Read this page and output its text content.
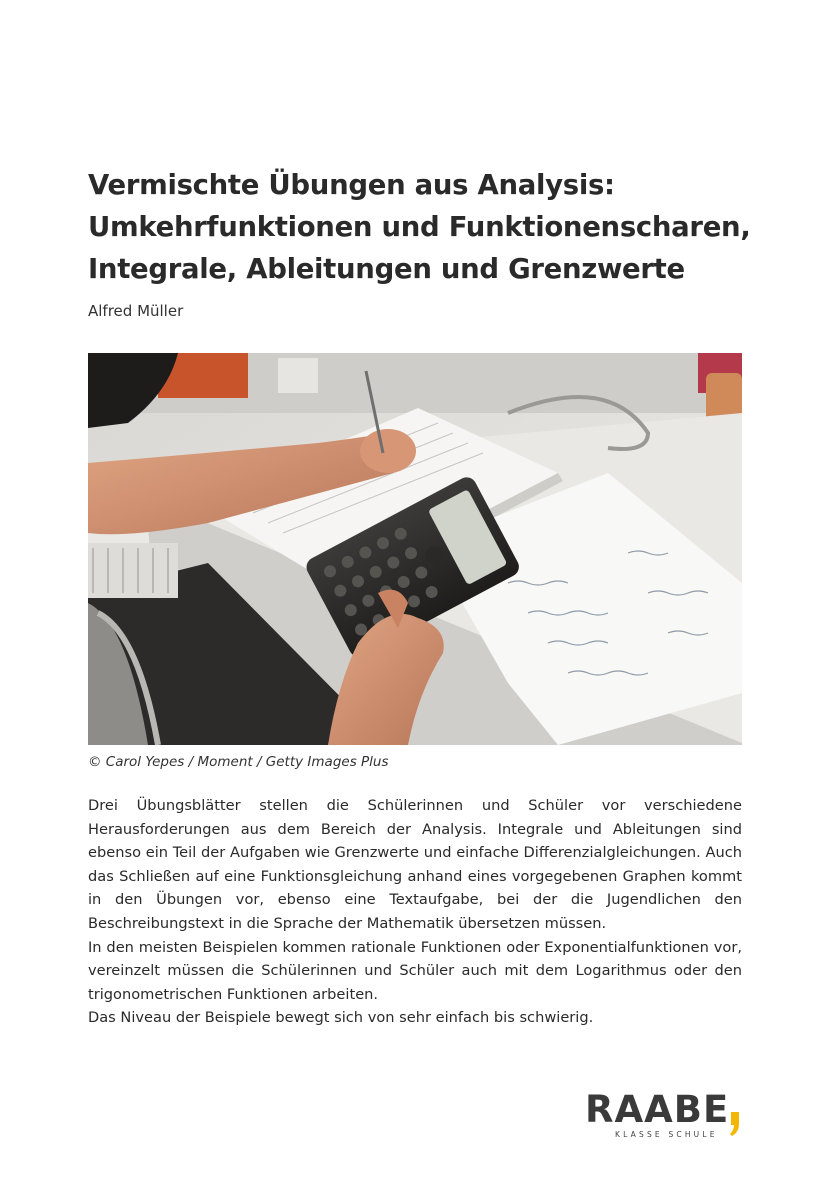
Vermischte Übungen aus Analysis:
Umkehrfunktionen und Funktionenscharen,
Integrale, Ableitungen und Grenzwerte
Alfred Müller
© Carol Yepes / Moment / Getty Images Plus

Drei Übungsblätter stellen die Schülerinnen und Schüler vor verschiedene Herausforderungen aus dem Bereich der Analysis. Integrale und Ableitungen sind ebenso ein Teil der Aufgaben wie Grenzwerte und einfache Differenzialgleichungen. Auch das Schließen auf eine Funktionsgleichung anhand eines vorgegebenen Graphen kommt in den Übungen vor, ebenso eine Textaufgabe, bei der die Jugendlichen den Beschreibungstext in die Sprache der Mathematik übersetzen müssen.

In den meisten Beispielen kommen rationale Funktionen oder Exponentialfunktionen vor, vereinzelt müssen die Schülerinnen und Schüler auch mit dem Logarithmus oder den trigonometrischen Funktionen arbeiten.

Das Niveau der Beispiele bewegt sich von sehr einfach bis schwierig.

RAABE
KLASSE SCHULE
